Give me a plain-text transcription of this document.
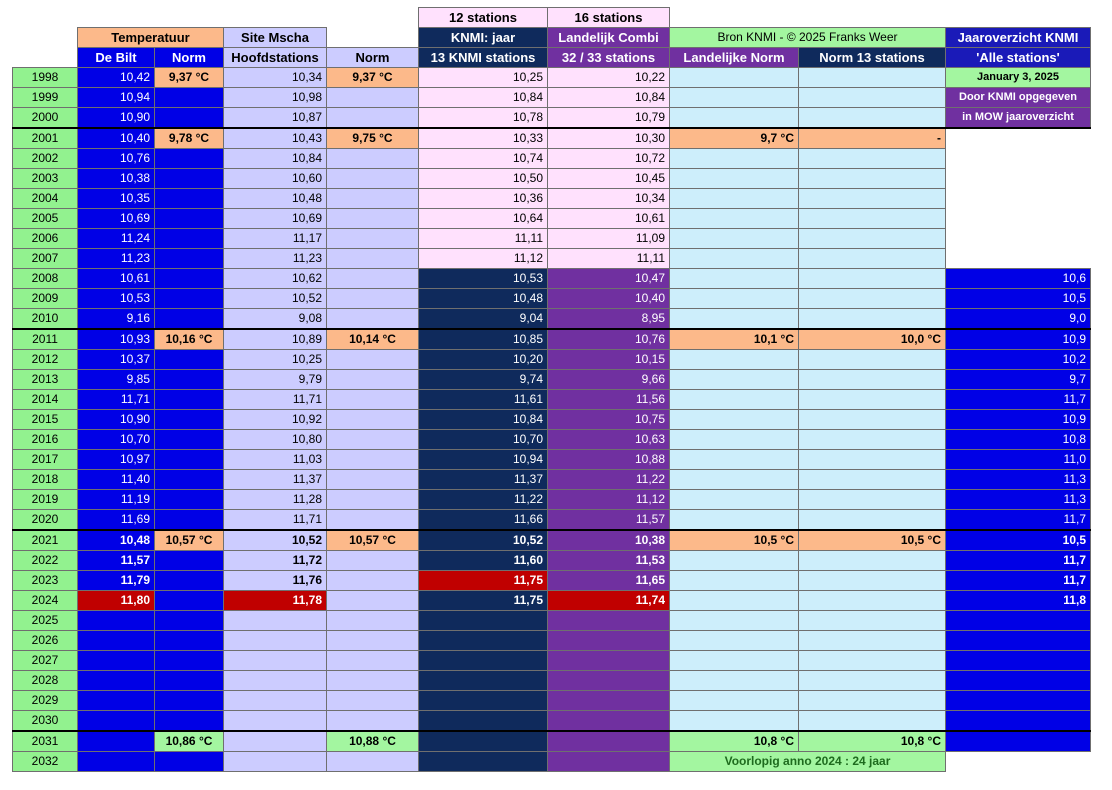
					12 stations	16 stations			
	Temperatuur		Site Mscha		KNMI: jaar	Landelijk Combi	Bron KNMI - © 2025 Franks Weer		Jaaroverzicht KNMI
	De Bilt	Norm	Hoofdstations	Norm	13 KNMI stations	32 / 33 stations	Landelijke Norm	Norm 13 stations	'Alle stations'
1998	10,42	9,37 °C	10,34	9,37 °C	10,25	10,22			January 3, 2025
1999	10,94		10,98		10,84	10,84			Door KNMI opgegeven
2000	10,90		10,87		10,78	10,79			in MOW jaaroverzicht
2001	10,40	9,78 °C	10,43	9,75 °C	10,33	10,30	9,7 °C	-	
2002	10,76		10,84		10,74	10,72			
2003	10,38		10,60		10,50	10,45			
2004	10,35		10,48		10,36	10,34			
2005	10,69		10,69		10,64	10,61			
2006	11,24		11,17		11,11	11,09			
2007	11,23		11,23		11,12	11,11			
2008	10,61		10,62		10,53	10,47			10,6
2009	10,53		10,52		10,48	10,40			10,5
2010	9,16		9,08		9,04	8,95			9,0
2011	10,93	10,16 °C	10,89	10,14 °C	10,85	10,76	10,1 °C	10,0 °C	10,9
2012	10,37		10,25		10,20	10,15			10,2
2013	9,85		9,79		9,74	9,66			9,7
2014	11,71		11,71		11,61	11,56			11,7
2015	10,90		10,92		10,84	10,75			10,9
2016	10,70		10,80		10,70	10,63			10,8
2017	10,97		11,03		10,94	10,88			11,0
2018	11,40		11,37		11,37	11,22			11,3
2019	11,19		11,28		11,22	11,12			11,3
2020	11,69		11,71		11,66	11,57			11,7
2021	10,48	10,57 °C	10,52	10,57 °C	10,52	10,38	10,5 °C	10,5 °C	10,5
2022	11,57		11,72		11,60	11,53			11,7
2023	11,79		11,76		11,75	11,65			11,7
2024	11,80		11,78		11,75	11,74			11,8
2025									
2026									
2027									
2028									
2029									
2030									
2031		10,86 °C		10,88 °C			10,8 °C	10,8 °C	
2032							Voorlopig anno 2024 : 24 jaar		
